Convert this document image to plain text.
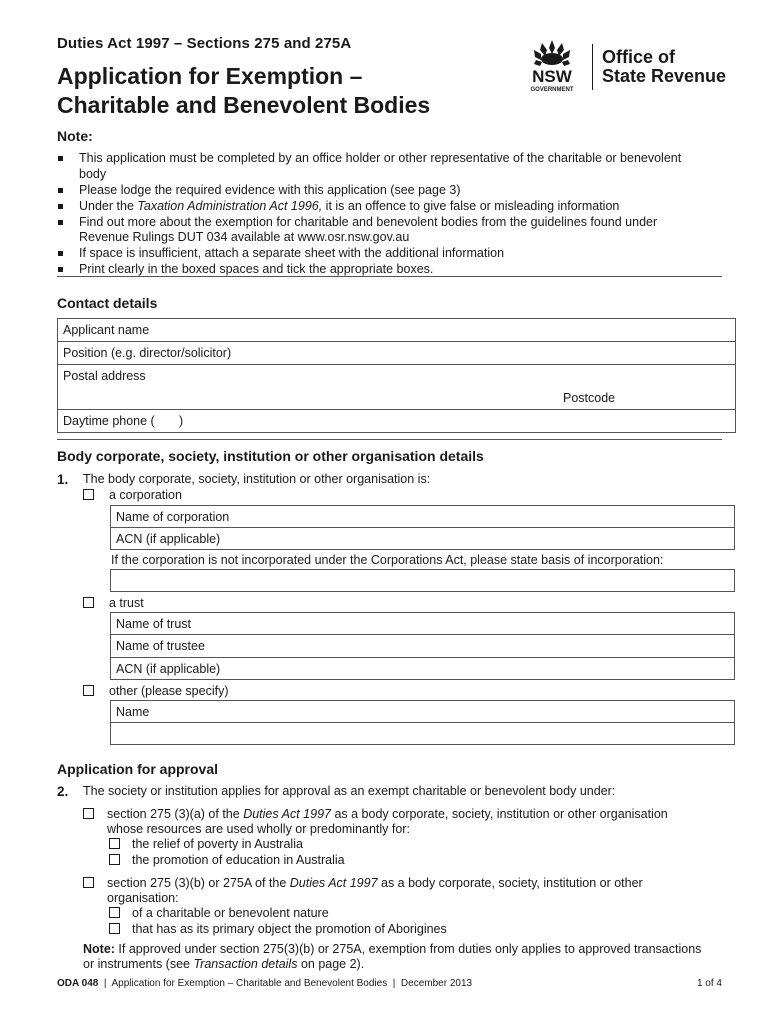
Duties Act 1997 – Sections 275 and 275A
Application for Exemption –
Charitable and Benevolent Bodies
NSW
GOVERNMENT
Office of
State Revenue
Note:
This application must be completed by an office holder or other representative of the charitable or benevolent body
Please lodge the required evidence with this application (see page 3)
Under the Taxation Administration Act 1996, it is an offence to give false or misleading information
Find out more about the exemption for charitable and benevolent bodies from the guidelines found under Revenue Rulings DUT 034 available at www.osr.nsw.gov.au
If space is insufficient, attach a separate sheet with the additional information
Print clearly in the boxed spaces and tick the appropriate boxes.
Contact details
Applicant name
Position (e.g. director/solicitor)
Postal address
Postcode
Daytime phone (       )
Body corporate, society, institution or other organisation details
1. The body corporate, society, institution or other organisation is:
a corporation
Name of corporation
ACN (if applicable)
If the corporation is not incorporated under the Corporations Act, please state basis of incorporation:
a trust
Name of trust
Name of trustee
ACN (if applicable)
other (please specify)
Name
Application for approval
2. The society or institution applies for approval as an exempt charitable or benevolent body under:
section 275 (3)(a) of the Duties Act 1997 as a body corporate, society, institution or other organisation
whose resources are used wholly or predominantly for:
the relief of poverty in Australia
the promotion of education in Australia
section 275 (3)(b) or 275A of the Duties Act 1997 as a body corporate, society, institution or other
organisation:
of a charitable or benevolent nature
that has as its primary object the promotion of Aborigines
Note: If approved under section 275(3)(b) or 275A, exemption from duties only applies to approved transactions
or instruments (see Transaction details on page 2).
ODA 048  |  Application for Exemption – Charitable and Benevolent Bodies  |  December 2013	1 of 4
